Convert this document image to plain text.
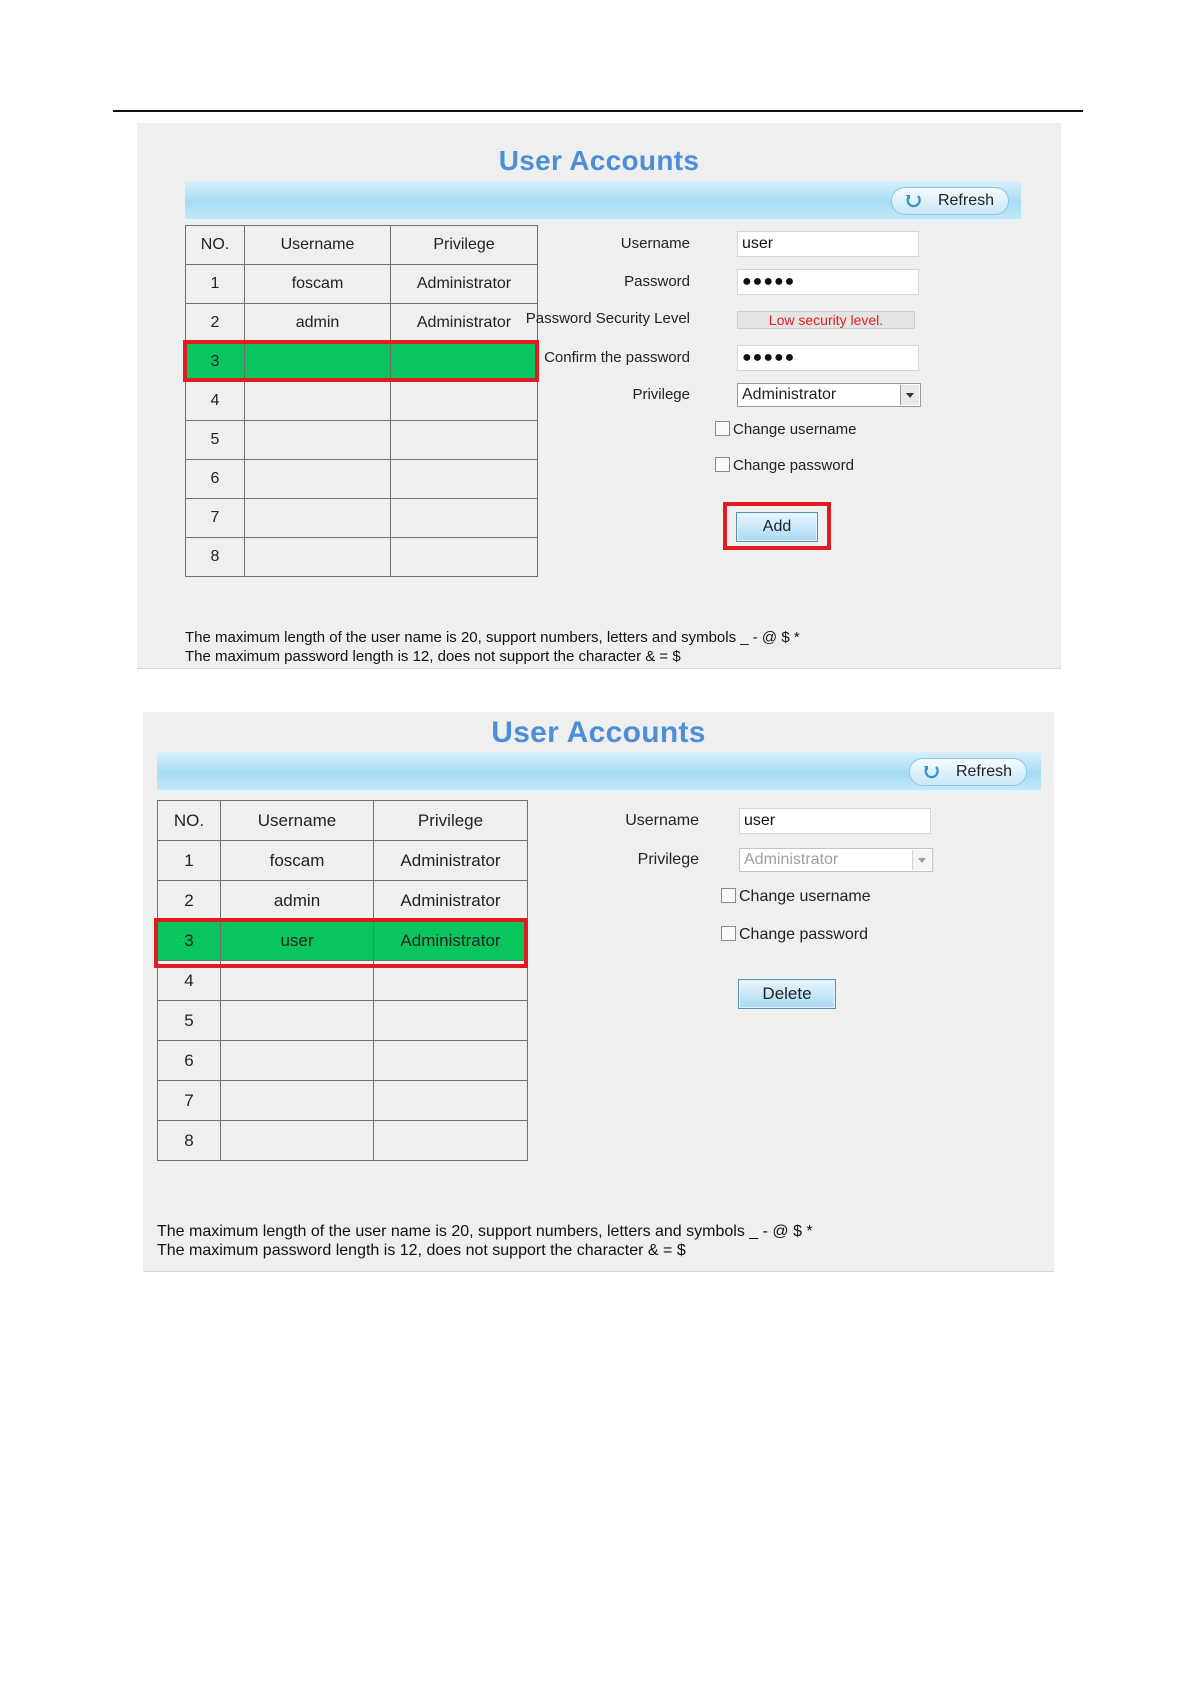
User Accounts
Refresh
NO.	Username	Privilege
1	foscam	Administrator
2	admin	Administrator
3		
4		
5		
6		
7		
8		
Username	user
Password	●●●●●
Password Security Level	Low security level.
Confirm the password	●●●●●
Privilege	Administrator
Change username
Change password
Add
The maximum length of the user name is 20, support numbers, letters and symbols _ - @ $ *
The maximum password length is 12, does not support the character & = $
User Accounts
Refresh
NO.	Username	Privilege
1	foscam	Administrator
2	admin	Administrator
3	user	Administrator
4		
5		
6		
7		
8		
Username	user
Privilege	Administrator
Change username
Change password
Delete
The maximum length of the user name is 20, support numbers, letters and symbols _ - @ $ *
The maximum password length is 12, does not support the character & = $
